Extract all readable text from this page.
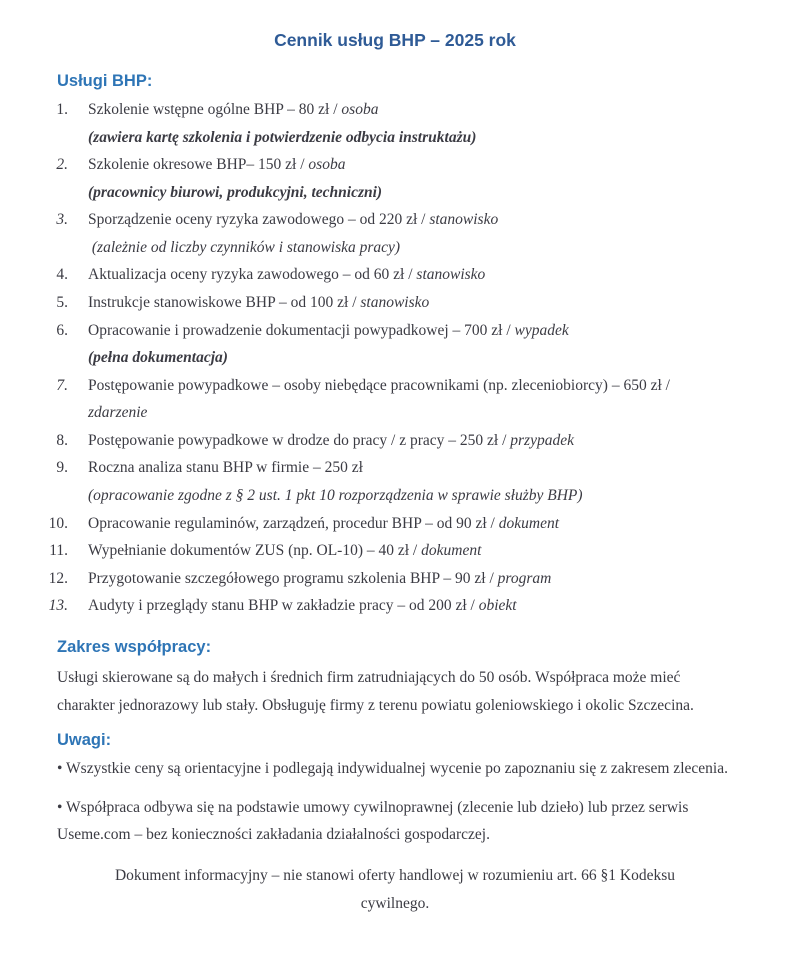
Cennik usług BHP – 2025 rok
Usługi BHP:
1. Szkolenie wstępne ogólne BHP – 80 zł / osoba
(zawiera kartę szkolenia i potwierdzenie odbycia instruktażu)
2. Szkolenie okresowe BHP– 150 zł / osoba
(pracownicy biurowi, produkcyjni, techniczni)
3. Sporządzenie oceny ryzyka zawodowego – od 220 zł / stanowisko
(zależnie od liczby czynników i stanowiska pracy)
4. Aktualizacja oceny ryzyka zawodowego – od 60 zł / stanowisko
5. Instrukcje stanowiskowe BHP – od 100 zł / stanowisko
6. Opracowanie i prowadzenie dokumentacji powypadkowej – 700 zł / wypadek
(pełna dokumentacja)
7. Postępowanie powypadkowe – osoby niebędące pracownikami (np. zleceniobiorcy) – 650 zł / zdarzenie
8. Postępowanie powypadkowe w drodze do pracy / z pracy – 250 zł / przypadek
9. Roczna analiza stanu BHP w firmie – 250 zł
(opracowanie zgodne z § 2 ust. 1 pkt 10 rozporządzenia w sprawie służby BHP)
10. Opracowanie regulaminów, zarządzeń, procedur BHP – od 90 zł / dokument
11. Wypełnianie dokumentów ZUS (np. OL-10) – 40 zł / dokument
12. Przygotowanie szczegółowego programu szkolenia BHP – 90 zł / program
13. Audyty i przeglądy stanu BHP w zakładzie pracy – od 200 zł / obiekt
Zakres współpracy:

Usługi skierowane są do małych i średnich firm zatrudniających do 50 osób. Współpraca może mieć charakter jednorazowy lub stały. Obsługuję firmy z terenu powiatu goleniowskiego i okolic Szczecina.

Uwagi:

• Wszystkie ceny są orientacyjne i podlegają indywidualnej wycenie po zapoznaniu się z zakresem zlecenia.

• Współpraca odbywa się na podstawie umowy cywilnoprawnej (zlecenie lub dzieło) lub przez serwis Useme.com – bez konieczności zakładania działalności gospodarczej.

Dokument informacyjny – nie stanowi oferty handlowej w rozumieniu art. 66 §1 Kodeksu cywilnego.
